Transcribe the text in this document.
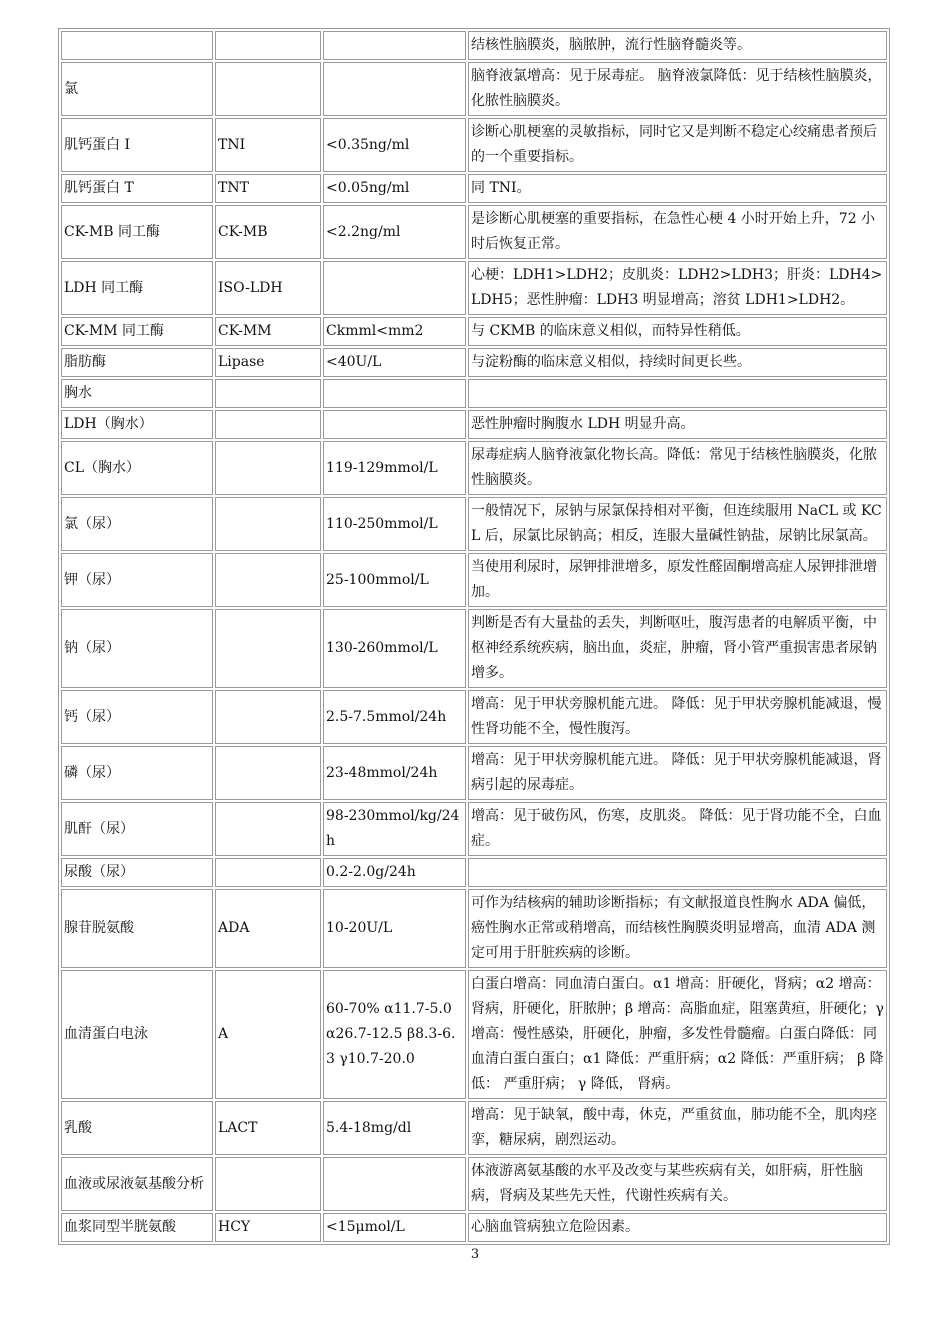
			结核性脑膜炎，脑脓肿，流行性脑脊髓炎等。
氯			脑脊液氯增高：见于尿毒症。 脑脊液氯降低：见于结核性脑膜炎，化脓性脑膜炎。
肌钙蛋白 I	TNI	<0.35ng/ml	诊断心肌梗塞的灵敏指标，同时它又是判断不稳定心绞痛患者预后的一个重要指标。
肌钙蛋白 T	TNT	<0.05ng/ml	同 TNI。
CK-MB 同工酶	CK-MB	<2.2ng/ml	是诊断心肌梗塞的重要指标，在急性心梗 4 小时开始上升，72 小时后恢复正常。
LDH 同工酶	ISO-LDH		心梗：LDH1>LDH2；皮肌炎：LDH2>LDH3；肝炎：LDH4>LDH5；恶性肿瘤：LDH3 明显增高；溶贫 LDH1>LDH2。
CK-MM 同工酶	CK-MM	Ckmml<mm2	与 CKMB 的临床意义相似，而特异性稍低。
脂肪酶	Lipase	<40U/L	与淀粉酶的临床意义相似，持续时间更长些。
胸水			
LDH（胸水）			恶性肿瘤时胸腹水 LDH 明显升高。
CL（胸水）		119-129mmol/L	尿毒症病人脑脊液氯化物长高。降低：常见于结核性脑膜炎，化脓性脑膜炎。
氯（尿）		110-250mmol/L	一般情况下，尿钠与尿氯保持相对平衡，但连续服用 NaCL 或 KCL 后，尿氯比尿钠高；相反，连服大量碱性钠盐，尿钠比尿氯高。
钾（尿）		25-100mmol/L	当使用利尿时，尿钾排泄增多，原发性醛固酮增高症人尿钾排泄增加。
钠（尿）		130-260mmol/L	判断是否有大量盐的丢失，判断呕吐，腹泻患者的电解质平衡，中枢神经系统疾病，脑出血，炎症，肿瘤，肾小管严重损害患者尿钠增多。
钙（尿）		2.5-7.5mmol/24h	增高：见于甲状旁腺机能亢进。 降低：见于甲状旁腺机能减退，慢性肾功能不全，慢性腹泻。
磷（尿）		23-48mmol/24h	增高：见于甲状旁腺机能亢进。 降低：见于甲状旁腺机能减退，肾病引起的尿毒症。
肌酐（尿）		98-230mmol/kg/24h	增高：见于破伤风，伤寒，皮肌炎。 降低：见于肾功能不全，白血症。
尿酸（尿）		0.2-2.0g/24h	
腺苷脱氨酸	ADA	10-20U/L	可作为结核病的辅助诊断指标；有文献报道良性胸水 ADA 偏低，癌性胸水正常或稍增高，而结核性胸膜炎明显增高，血清 ADA 测定可用于肝脏疾病的诊断。
血清蛋白电泳	A	60-70% α11.7-5.0 α26.7-12.5 β8.3-6.3 γ10.7-20.0	白蛋白增高：同血清白蛋白。α1 增高：肝硬化，肾病；α2 增高：肾病，肝硬化，肝脓肿；β 增高：高脂血症，阻塞黄疸，肝硬化；γ 增高：慢性感染，肝硬化，肿瘤，多发性骨髓瘤。白蛋白降低：同血清白蛋白蛋白；α1 降低：严重肝病；α2 降低：严重肝病； β 降低： 严重肝病； γ 降低， 肾病。
乳酸	LACT	5.4-18mg/dl	增高：见于缺氧，酸中毒，休克，严重贫血，肺功能不全，肌肉痉挛，糖尿病，剧烈运动。
血液或尿液氨基酸分析			体液游离氨基酸的水平及改变与某些疾病有关，如肝病，肝性脑病，肾病及某些先天性，代谢性疾病有关。
血浆同型半胱氨酸	HCY	<15μmol/L	心脑血管病独立危险因素。
3
